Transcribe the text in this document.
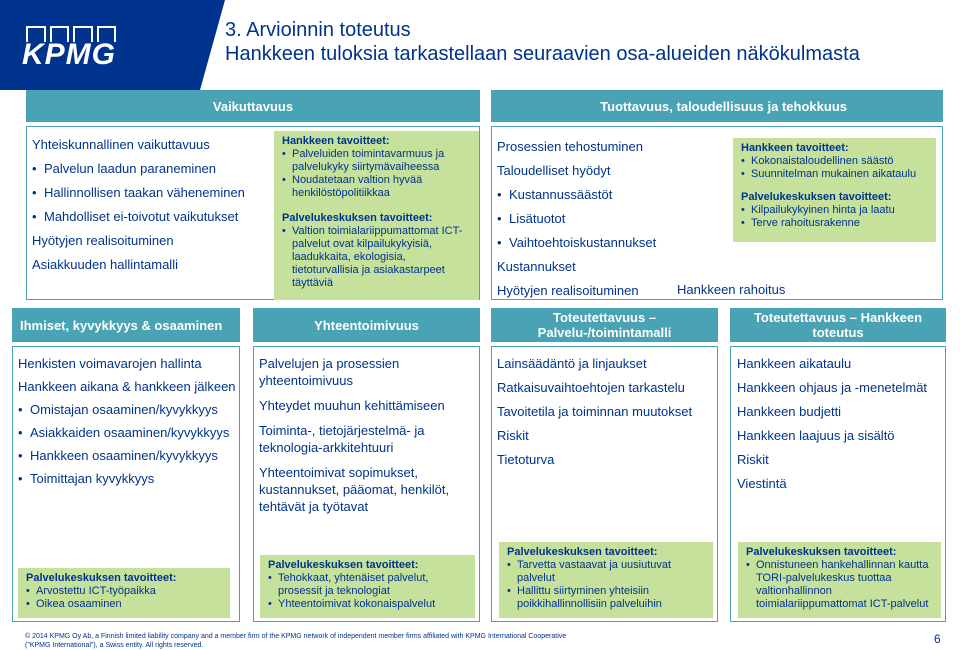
KPMG
3. Arvioinnin toteutus
Hankkeen tuloksia tarkastellaan seuraavien osa-alueiden näkökulmasta
Vaikuttavuus
Yhteiskunnallinen vaikuttavuus
• Palvelun laadun paraneminen
• Hallinnollisen taakan väheneminen
• Mahdolliset ei-toivotut vaikutukset
Hyötyjen realisoituminen
Asiakkuuden hallintamalli
Hankkeen tavoitteet:
• Palveluiden toimintavarmuus ja palvelukyky siirtymävaiheessa
• Noudatetaan valtion hyvää henkilöstöpolitiikkaa
Palvelukeskuksen tavoitteet:
• Valtion toimialariippumattomat ICT-palvelut ovat kilpailukykyisiä, laadukkaita, ekologisia, tietoturvallisia ja asiakastarpeet täyttäviä
Tuottavuus, taloudellisuus ja tehokkuus
Prosessien tehostuminen
Taloudelliset hyödyt
• Kustannussäästöt
• Lisätuotot
• Vaihtoehtoiskustannukset
Kustannukset
Hyötyjen realisoituminen	Hankkeen rahoitus
Hankkeen tavoitteet:
• Kokonaistaloudellinen säästö
• Suunnitelman mukainen aikataulu
Palvelukeskuksen tavoitteet:
• Kilpailukykyinen hinta ja laatu
• Terve rahoitusrakenne
Ihmiset, kyvykkyys & osaaminen	Yhteentoimivuus	Toteutettavuus – Palvelu-/toimintamalli
Toteutettavuus – Hankkeen toteutus
Henkisten voimavarojen hallinta
Hankkeen aikana & hankkeen jälkeen
• Omistajan osaaminen/kyvykkyys
• Asiakkaiden osaaminen/kyvykkyys
• Hankkeen osaaminen/kyvykkyys
• Toimittajan kyvykkyys
Palvelukeskuksen tavoitteet:
• Arvostettu ICT-työpaikka
• Oikea osaaminen
Palvelujen ja prosessien yhteentoimivuus
Yhteydet muuhun kehittämiseen
Toiminta-, tietojärjestelmä- ja teknologia-arkkitehtuuri
Yhteentoimivat sopimukset, kustannukset, pääomat, henkilöt, tehtävät ja työtavat
Palvelukeskuksen tavoitteet:
• Tehokkaat, yhtenäiset palvelut, prosessit ja teknologiat
• Yhteentoimivat kokonaispalvelut
Lainsäädäntö ja linjaukset
Ratkaisuvaihtoehtojen tarkastelu
Tavoitetila ja toiminnan muutokset
Riskit
Tietoturva
Palvelukeskuksen tavoitteet:
• Tarvetta vastaavat ja uusiutuvat palvelut
• Hallittu siirtyminen yhteisiin poikkihallinnollisiin palveluihin
Hankkeen aikataulu
Hankkeen ohjaus ja -menetelmät
Hankkeen budjetti
Hankkeen laajuus ja sisältö
Riskit
Viestintä
Palvelukeskuksen tavoitteet:
• Onnistuneen hankehallinnan kautta TORI-palvelukeskus tuottaa valtionhallinnon toimialariippumattomat ICT-palvelut
© 2014 KPMG Oy Ab, a Finnish limited liability company and a member firm of the KPMG network of independent member firms affiliated with KPMG International Cooperative
("KPMG International"), a Swiss entity. All rights reserved.	6
